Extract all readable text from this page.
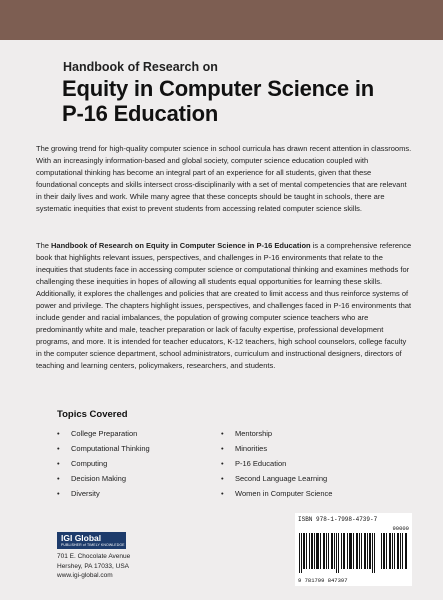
Handbook of Research on
Equity in Computer Science in
P-16 Education

The growing trend for high-quality computer science in school curricula has drawn recent attention in classrooms. With an increasingly information-based and global society, computer science education coupled with computational thinking has become an integral part of an experience for all students, given that these foundational concepts and skills intersect cross-disciplinarily with a set of mental competencies that are relevant in their daily lives and work. While many agree that these concepts should be taught in schools, there are systematic inequities that exist to prevent students from accessing related computer science skills.

The Handbook of Research on Equity in Computer Science in P-16 Education is a comprehensive reference book that highlights relevant issues, perspectives, and challenges in P-16 environments that relate to the inequities that students face in accessing computer science or computational thinking and examines methods for challenging these inequities in hopes of allowing all students equal opportunities for learning these skills. Additionally, it explores the challenges and policies that are created to limit access and thus reinforce systems of power and privilege. The chapters highlight issues, perspectives, and challenges faced in P-16 environments that include gender and racial imbalances, the population of growing computer science teachers who are predominantly white and male, teacher preparation or lack of faculty expertise, professional development programs, and more. It is intended for teacher educators, K-12 teachers, high school counselors, college faculty in the computer science department, school administrators, curriculum and instructional designers, directors of teaching and learning centers, policymakers, researchers, and students.

Topics Covered
• College Preparation
• Computational Thinking
• Computing
• Decision Making
• Diversity
• Mentorship
• Minorities
• P-16 Education
• Second Language Learning
• Women in Computer Science
IGI Global
PUBLISHER of TIMELY KNOWLEDGE
701 E. Chocolate Avenue
Hershey, PA 17033, USA
www.igi-global.com
ISBN 978-1-7998-4739-7
90000
9 781799 847397
